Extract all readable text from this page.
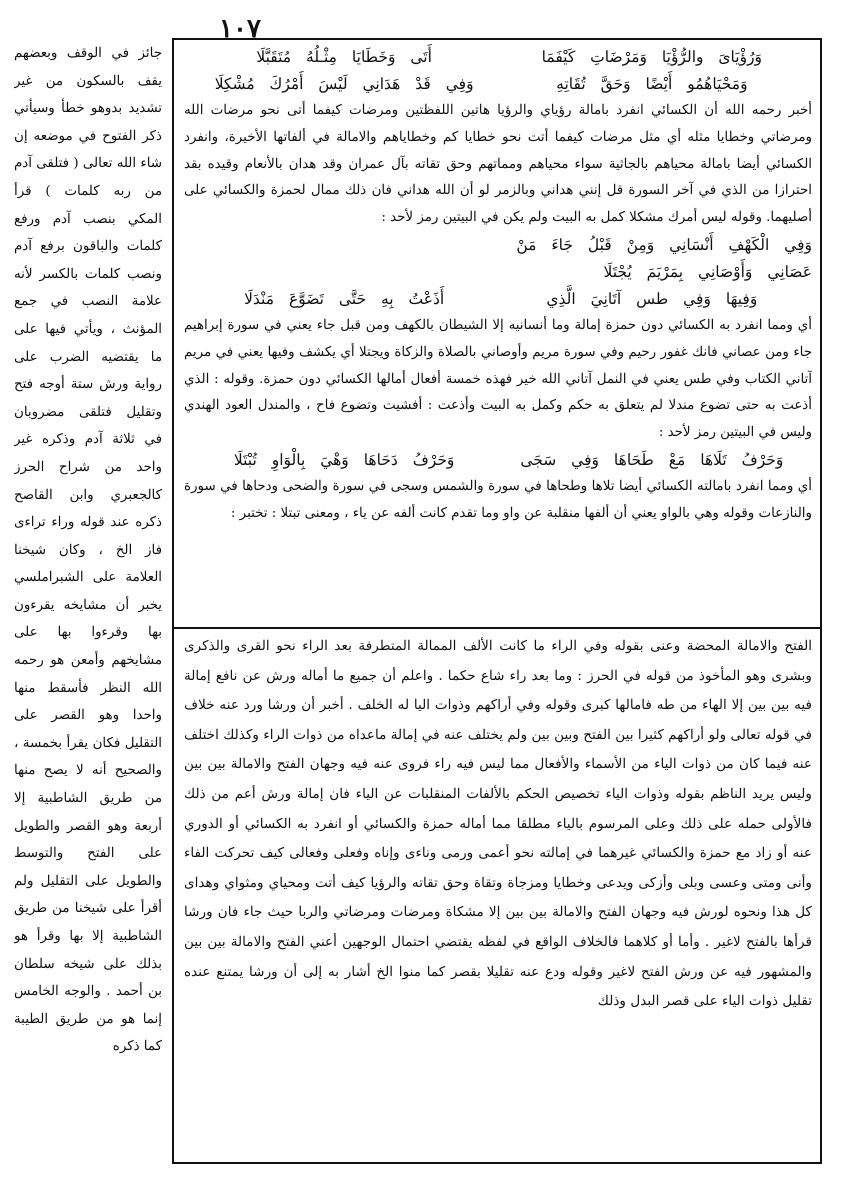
١٠٧

جائز في الوقف وبعضهم يقف بالسكون من غير تشديد بدوهو خطأ وسيأتي ذكر الفتوح في موضعه إن شاء الله تعالى ( فتلقى آدم من ربه كلمات ) قرأ المكي بنصب آدم ورفع كلمات والباقون برفع آدم ونصب كلمات بالكسر لأنه علامة النصب في جمع المؤنث ، ويأتي فيها على ما يقتضيه الضرب على رواية ورش ستة أوجه فتح وتقليل فتلقى مضروبان في ثلاثة آدم وذكره غير واحد من شراح الحرز كالجعبري وابن القاصح ذكره عند قوله وراء تراءى فاز الخ ، وكان شيخنا العلامة على الشبراملسي يخبر أن مشايخه يقرءون بها وقرءوا بها على مشايخهم وأمعن هو رحمه الله النظر فأسقط منها واحدا وهو القصر على التقليل فكان يقرأ بخمسة ، والصحيح أنه لا يصح منها من طريق الشاطبية إلا أربعة وهو القصر والطويل على الفتح والتوسط والطويل على التقليل ولم أقرأ على شيخنا من طريق الشاطبية إلا بها وقرأ هو بذلك على شيخه سلطان بن أحمد . والوجه الخامس إنما هو من طريق الطيبة كما ذكره

وَرُؤْيَاىَ والرُّؤْيَا وَمَرْضَاتِ كَيْفَمَاأَتَى وَخَطَايَا مِثْـلُهُ مُتَقَبَّلَا
وَمَحْيَاهُمُو أَيْضًا وَحَقَّ تُقَاتِهِوَفِي قَدْ هَدَانِي لَيْسَ أَمْرُكَ مُشْكِلَا

أخبر رحمه الله أن الكسائي انفرد بامالة رؤياي والرؤيا هاتين اللفظتين ومرضات كيفما أتى نحو مرضات الله ومرضاتي وخطايا مثله أي مثل مرضات كيفما أتت نحو خطايا كم وخطاياهم والامالة في ألفاتها الأخيرة، وانفرد الكسائي أيضا بامالة محياهم بالجاثية سواء محياهم ومماتهم وحق تقاته بآل عمران وقد هدان بالأنعام وقيده بقد احترازا من الذي في آخر السورة قل إنني هداني وبالزمر لو أن الله هداني فان ذلك ممال لحمزة والكسائي على أصليهما. وقوله ليس أمرك مشكلا كمل به البيت ولم يكن في البيتين رمز لأحد :

وَفِي الْكَهْفِ أَنْسَانِي وَمِنْ قَبْلُ جَاءَ مَنْ
عَصَانِي وَأَوْصَانِي بِمَرْيَمَ يُجْتَلَا
وَفِيهَا وَفِي طس آتَانِيَ الَّذِيأَذَعْتُ بِهِ حَتَّى تَضَوَّعَ مَنْدَلَا

أي ومما انفرد به الكسائي دون حمزة إمالة وما أنسانيه إلا الشيطان بالكهف ومن قبل جاء يعني في سورة إبراهيم جاء ومن عصاني فانك غفور رحيم وفي سورة مريم وأوصاني بالصلاة والزكاة ويجتلا أي يكشف وفيها يعني في مريم آتاني الكتاب وفي طس يعني في النمل آتاني الله خير فهذه خمسة أفعال أمالها الكسائي دون حمزة. وقوله : الذي أذعت به حتى تضوع مندلا لم يتعلق به حكم وكمل به البيت وأذعت : أفشيت وتضوع فاح ، والمندل العود الهندي وليس في البيتين رمز لأحد :

وَحَرْفُ تَلَاهَا مَعْ طَحَاهَا وَفِي سَجَىوَحَرْفُ دَحَاهَا وَهْيَ بِالْوَاوِ تُبْتَلَا

أي ومما انفرد بامالته الكسائي أيضا تلاها وطحاها في سورة والشمس وسجى في سورة والضحى ودحاها في سورة والنازعات وقوله وهي بالواو يعني أن ألفها منقلبة عن واو وما تقدم كانت ألفه عن ياء ، ومعنى تبتلا : تختبر :

الفتح والامالة المحضة وعنى بقوله وفي الراء ما كانت الألف الممالة المتطرفة بعد الراء نحو القرى والذكرى وبشرى وهو المأخوذ من قوله في الحرز : وما بعد راء شاع حكما . واعلم أن جميع ما أماله ورش عن نافع إمالة فيه بين بين إلا الهاء من طه فامالها كبرى وقوله وفي أراكهم وذوات اليا له الخلف . أخبر أن ورشا ورد عنه خلاف في قوله تعالى ولو أراكهم كثيرا بين الفتح وبين بين ولم يختلف عنه في إمالة ماعداه من ذوات الراء وكذلك اختلف عنه فيما كان من ذوات الياء من الأسماء والأفعال مما ليس فيه راء فروى عنه فيه وجهان الفتح والامالة بين بين وليس يريد الناظم بقوله وذوات الياء تخصيص الحكم بالألفات المنقلبات عن الياء فان إمالة ورش أعم من ذلك فالأولى حمله على ذلك وعلى المرسوم بالياء مطلقا مما أماله حمزة والكسائي أو انفرد به الكسائي أو الدوري عنه أو زاد مع حمزة والكسائي غيرهما في إمالته نحو أعمى ورمى وناءى وإناه وفعلى وفعالى كيف تحركت الفاء وأنى ومتى وعسى وبلى وأزكى ويدعى وخطايا ومزجاة وتقاة وحق تقاته والرؤيا كيف أتت ومحياي ومثواي وهداى كل هذا ونحوه لورش فيه وجهان الفتح والامالة بين بين إلا مشكاة ومرضات ومرضاتي والربا حيث جاء فان ورشا قرأها بالفتح لاغير . وأما أو كلاهما فالخلاف الواقع في لفظه يقتضي احتمال الوجهين أعني الفتح والامالة بين بين والمشهور فيه عن ورش الفتح لاغير وقوله ودع عنه تقليلا بقصر كما منوا الخ أشار به إلى أن ورشا يمتنع عنده تقليل ذوات الياء على قصر البدل وذلك
